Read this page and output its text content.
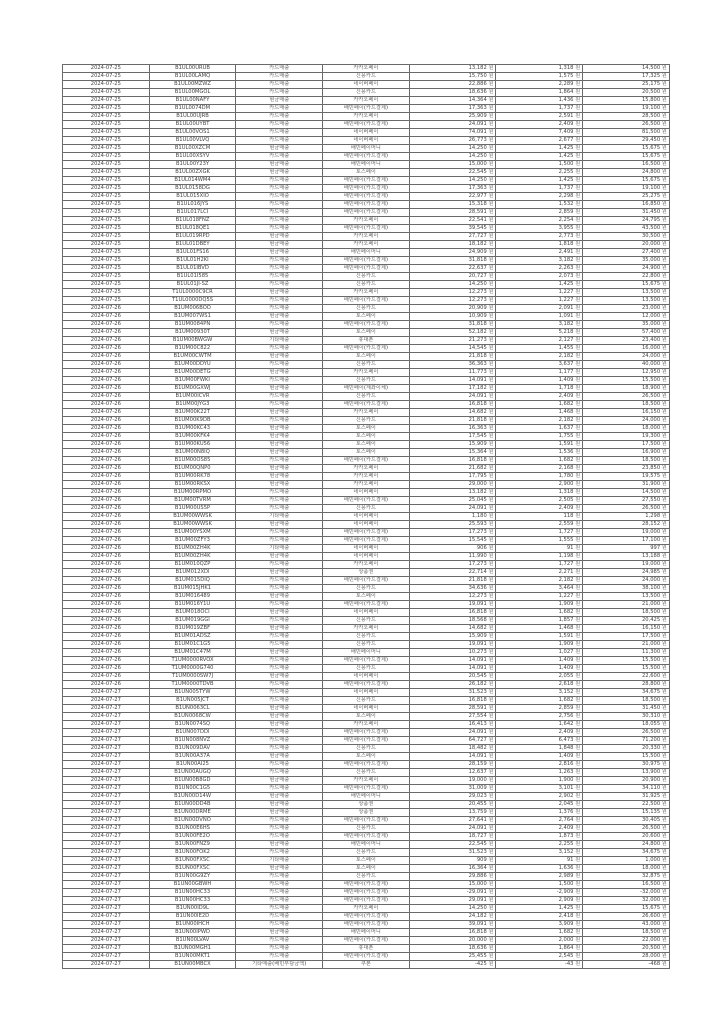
​
2024-07-25	B1UL00URUB	카드매출	카카오페이	13,182 원	1,318 원	14,500 원
2024-07-25	B1UL00LAMQ	카드매출	신용카드	15,750 원	1,575 원	17,325 원
2024-07-25	B1UL00MZWZ	카드매출	네이버페이	22,886 원	2,289 원	25,175 원
2024-07-25	B1UL00MGOL	카드매출	신용카드	18,636 원	1,864 원	20,500 원
2024-07-25	B1UL00NAFY	현금매출	카카오페이	14,364 원	1,436 원	15,800 원
2024-07-25	B1UL0074DM	카드매출	배민페이(카드결제)	17,363 원	1,737 원	19,100 원
2024-07-25	B1UL00UJRB	카드매출	카카오페이	25,909 원	2,591 원	28,500 원
2024-07-25	B1UL00UYBT	카드매출	배민페이(카드결제)	24,091 원	2,409 원	26,500 원
2024-07-25	B1UL00VOS1	카드매출	네이버페이	74,091 원	7,409 원	81,500 원
2024-07-25	B1UL00VLVQ	카드매출	네이버페이	26,773 원	2,677 원	29,450 원
2024-07-25	B1UL00XZCM	현금매출	배민페이머니	14,250 원	1,425 원	15,675 원
2024-07-25	B1UL00XSYV	카드매출	배민페이(카드결제)	14,250 원	1,425 원	15,675 원
2024-07-25	B1UL00Y23Y	현금매출	배민페이머니	15,000 원	1,500 원	16,500 원
2024-07-25	B1UL00ZXGK	현금매출	토스페이	22,545 원	2,255 원	24,800 원
2024-07-25	B1UL014WM4	카드매출	배민페이(카드결제)	14,250 원	1,425 원	15,675 원
2024-07-25	B1UL0158DG	카드매출	배민페이(카드결제)	17,363 원	1,737 원	19,100 원
2024-07-25	B1UL015XIO	카드매출	배민페이(카드결제)	22,977 원	2,298 원	25,275 원
2024-07-25	B1UL016JYS	카드매출	배민페이(카드결제)	15,318 원	1,532 원	16,850 원
2024-07-25	B1UL017LCI	카드매출	배민페이(카드결제)	28,591 원	2,859 원	31,450 원
2024-07-25	B1UL018FNZ	카드매출	카카오페이	22,541 원	2,254 원	24,795 원
2024-07-25	B1UL018QE1	카드매출	배민페이(카드결제)	39,545 원	3,955 원	43,500 원
2024-07-25	B1UL019RPD	현금매출	카카오페이	27,727 원	2,773 원	30,500 원
2024-07-25	B1UL01DBEY	현금매출	카카오페이	18,182 원	1,818 원	20,000 원
2024-07-25	B1UL01FS16	현금매출	배민페이머니	24,909 원	2,491 원	27,400 원
2024-07-25	B1UL01H2KI	카드매출	배민페이(카드결제)	31,818 원	3,182 원	35,000 원
2024-07-25	B1UL01IBVD	카드매출	배민페이(카드결제)	22,637 원	2,263 원	24,900 원
2024-07-25	B1UL01I585	카드매출	신용카드	20,727 원	2,073 원	22,800 원
2024-07-25	B1UL01JI-SZ	카드매출	신용카드	14,250 원	1,425 원	15,675 원
2024-07-25	T1UL0000C9CR	현금매출	카카오페이	12,273 원	1,227 원	13,500 원
2024-07-25	T1UL0000DQ5S	카드매출	배민페이(카드결제)	12,273 원	1,227 원	13,500 원
2024-07-26	B1UM006BOO	카드매출	신용카드	20,909 원	2,091 원	23,000 원
2024-07-26	B1UM007WS1	현금매출	토스페이	10,909 원	1,091 원	12,000 원
2024-07-26	B1UM0084PN	카드매출	배민페이(카드결제)	31,818 원	3,182 원	35,000 원
2024-07-26	B1UM00930T	현금매출	토스페이	52,182 원	5,218 원	57,400 원
2024-07-26	B1UM00BWGW	기타매출	휴대폰	21,273 원	2,127 원	23,400 원
2024-07-26	B1UM00C822	카드매출	배민페이(카드결제)	14,545 원	1,455 원	16,000 원
2024-07-26	B1UM00CWTM	현금매출	토스페이	21,818 원	2,182 원	24,000 원
2024-07-26	B1UM00DDYU	카드매출	신용카드	36,363 원	3,637 원	40,000 원
2024-07-26	B1UM00DETG	현금매출	카카오페이	11,773 원	1,177 원	12,950 원
2024-07-26	B1UM00FWKI	카드매출	신용카드	14,091 원	1,409 원	15,500 원
2024-07-26	B1UM00GXWJ	현금매출	배민페이(계좌이체)	17,182 원	1,718 원	18,900 원
2024-07-26	B1UM00ICVR	카드매출	신용카드	24,091 원	2,409 원	26,500 원
2024-07-26	B1UM00JYG3	카드매출	배민페이(카드결제)	16,818 원	1,682 원	18,500 원
2024-07-26	B1UM00K22T	현금매출	카카오페이	14,682 원	1,468 원	16,150 원
2024-07-26	B1UM00K9DB	카드매출	신용카드	21,818 원	2,182 원	24,000 원
2024-07-26	B1UM00KC43	현금매출	토스페이	16,363 원	1,637 원	18,000 원
2024-07-26	B1UM00KFK4	현금매출	토스페이	17,545 원	1,755 원	19,300 원
2024-07-26	B1UM00KU56	현금매출	토스페이	15,909 원	1,591 원	17,500 원
2024-07-26	B1UM00N8IQ	현금매출	토스페이	15,364 원	1,536 원	16,900 원
2024-07-26	B1UM00OS85	카드매출	배민페이(카드결제)	16,818 원	1,682 원	18,500 원
2024-07-26	B1UM00QNP0	현금매출	카카오페이	21,682 원	2,168 원	23,850 원
2024-07-26	B1UM00RK78	현금매출	카카오페이	17,795 원	1,780 원	19,575 원
2024-07-26	B1UM00RKSX	현금매출	카카오페이	29,000 원	2,900 원	31,900 원
2024-07-26	B1UM00RPMO	카드매출	네이버페이	13,182 원	1,318 원	14,500 원
2024-07-26	B1UM00TVRM	카드매출	배민페이(카드결제)	25,045 원	2,505 원	27,550 원
2024-07-26	B1UM00US5P	카드매출	신용카드	24,091 원	2,409 원	26,500 원
2024-07-26	B1UM00WWSK	기타매출	네이버페이	1,180 원	118 원	1,298 원
2024-07-26	B1UM00WWSK	현금매출	네이버페이	25,593 원	2,559 원	28,152 원
2024-07-26	B1UM00YSXM	카드매출	배민페이(카드결제)	17,273 원	1,727 원	19,000 원
2024-07-26	B1UM00ZFY3	카드매출	배민페이(카드결제)	15,545 원	1,555 원	17,100 원
2024-07-26	B1UM00ZH4K	기타매출	네이버페이	906 원	91 원	997 원
2024-07-26	B1UM00ZH4K	현금매출	네이버페이	11,990 원	1,198 원	13,188 원
2024-07-26	B1UM010QZP	카드매출	카카오페이	17,273 원	1,727 원	19,000 원
2024-07-26	B1UM012XDI	현금매출	상품권	22,714 원	2,271 원	24,985 원
2024-07-26	B1UM015DIQ	카드매출	배민페이(카드결제)	21,818 원	2,182 원	24,000 원
2024-07-26	B1UM015JHK1	카드매출	신용카드	34,636 원	3,464 원	38,100 원
2024-07-26	B1UM016489	현금매출	토스페이	12,273 원	1,227 원	13,500 원
2024-07-26	B1UM016Y1U	카드매출	배민페이(카드결제)	19,091 원	1,909 원	21,000 원
2024-07-26	B1UM018OCI	현금매출	네이버페이	16,818 원	1,682 원	18,500 원
2024-07-26	B1UM019GGI	카드매출	신용카드	18,568 원	1,857 원	20,425 원
2024-07-26	B1UM019ZBF	현금매출	카카오페이	14,682 원	1,468 원	16,150 원
2024-07-26	B1UM01ADSZ	카드매출	신용카드	15,909 원	1,591 원	17,500 원
2024-07-26	B1UM01C1G5	카드매출	신용카드	19,091 원	1,909 원	21,000 원
2024-07-26	B1UM01C47M	현금매출	배민페이머니	10,273 원	1,027 원	11,300 원
2024-07-26	T1UM0000RVOX	카드매출	배민페이(카드결제)	14,091 원	1,409 원	15,500 원
2024-07-26	T1UM0000G740	카드매출	신용카드	14,091 원	1,409 원	15,500 원
2024-07-26	T1UM0000SW7J	현금매출	네이버페이	20,545 원	2,055 원	22,600 원
2024-07-26	T1UM0000TDVB	카드매출	배민페이(카드결제)	26,182 원	2,618 원	28,800 원
2024-07-27	B1UN005TYW	카드매출	네이버페이	31,523 원	3,152 원	34,675 원
2024-07-27	B1UN005JCT	카드매출	신용카드	16,818 원	1,682 원	18,500 원
2024-07-27	B1UN0063CL	현금매출	네이버페이	28,591 원	2,859 원	31,450 원
2024-07-27	B1UN0068CW	현금매출	토스페이	27,554 원	2,756 원	30,310 원
2024-07-27	B1UN0074SQ	현금매출	카카오페이	16,413 원	1,642 원	18,055 원
2024-07-27	B1UN007DDI	카드매출	배민페이(카드결제)	24,091 원	2,409 원	26,500 원
2024-07-27	B1UN008NVZ	카드매출	배민페이(카드결제)	64,727 원	6,473 원	71,200 원
2024-07-27	B1UN009DAV	카드매출	신용카드	18,482 원	1,848 원	20,330 원
2024-07-27	B1UN00A37A	현금매출	토스페이	14,091 원	1,409 원	15,500 원
2024-07-27	B1UN00AI25	카드매출	배민페이(카드결제)	28,159 원	2,816 원	30,975 원
2024-07-27	B1UN00AUGQ	카드매출	신용카드	12,637 원	1,263 원	13,900 원
2024-07-27	B1UN00B8GD	현금매출	카카오페이	19,000 원	1,900 원	20,900 원
2024-07-27	B1UN00C1G5	카드매출	배민페이(카드결제)	31,009 원	3,101 원	34,110 원
2024-07-27	B1UN00D14W	현금매출	배민페이머니	29,023 원	2,902 원	31,925 원
2024-07-27	B1UN00DD4B	현금매출	상품권	20,455 원	2,045 원	22,500 원
2024-07-27	B1UN00DRME	현금매출	상품권	13,759 원	1,376 원	15,135 원
2024-07-27	B1UN00DVNO	카드매출	배민페이(카드결제)	27,641 원	2,764 원	30,405 원
2024-07-27	B1UN00E6HS	카드매출	신용카드	24,091 원	2,409 원	26,500 원
2024-07-27	B1UN00FE2O	카드매출	배민페이(카드결제)	18,727 원	1,873 원	20,600 원
2024-07-27	B1UN00FNZ9	현금매출	배민페이머니	22,545 원	2,255 원	24,800 원
2024-07-27	B1UN00FOK2	카드매출	신용카드	31,523 원	3,152 원	34,675 원
2024-07-27	B1UN00FXSC	기타매출	토스페이	909 원	91 원	1,000 원
2024-07-27	B1UN00FXSC	현금매출	토스페이	16,364 원	1,636 원	18,000 원
2024-07-27	B1UN00G9ZY	카드매출	신용카드	29,886 원	2,989 원	32,875 원
2024-07-27	B1UN00GBWH	카드매출	배민페이(카드결제)	15,000 원	1,500 원	16,500 원
2024-07-27	B1UN00HC33	카드매출	배민페이(카드결제)	-29,091 원	-2,909 원	-32,000 원
2024-07-27	B1UN00HC33	카드매출	배민페이(카드결제)	29,091 원	2,909 원	32,000 원
2024-07-27	B1UN00ID9L	카드매출	카카오페이	14,250 원	1,425 원	15,675 원
2024-07-27	B1UN00IE2D	카드매출	배민페이(카드결제)	24,182 원	2,418 원	26,600 원
2024-07-27	B1UN00IHCH	카드매출	배민페이(카드결제)	39,091 원	3,909 원	43,000 원
2024-07-27	B1UN00IPWD	현금매출	배민페이머니	16,818 원	1,682 원	18,500 원
2024-07-27	B1UN00LVAV	카드매출	배민페이(카드결제)	20,000 원	2,000 원	22,000 원
2024-07-27	B1UN00MGH1	카드매출	휴대폰	18,636 원	1,864 원	20,500 원
2024-07-27	B1UN00MKT1	카드매출	배민페이(카드결제)	25,455 원	2,545 원	28,000 원
2024-07-27	B1UN00MBCX	기타매출(배민부담금액)	쿠폰	-425 원	-43 원	-468 원
